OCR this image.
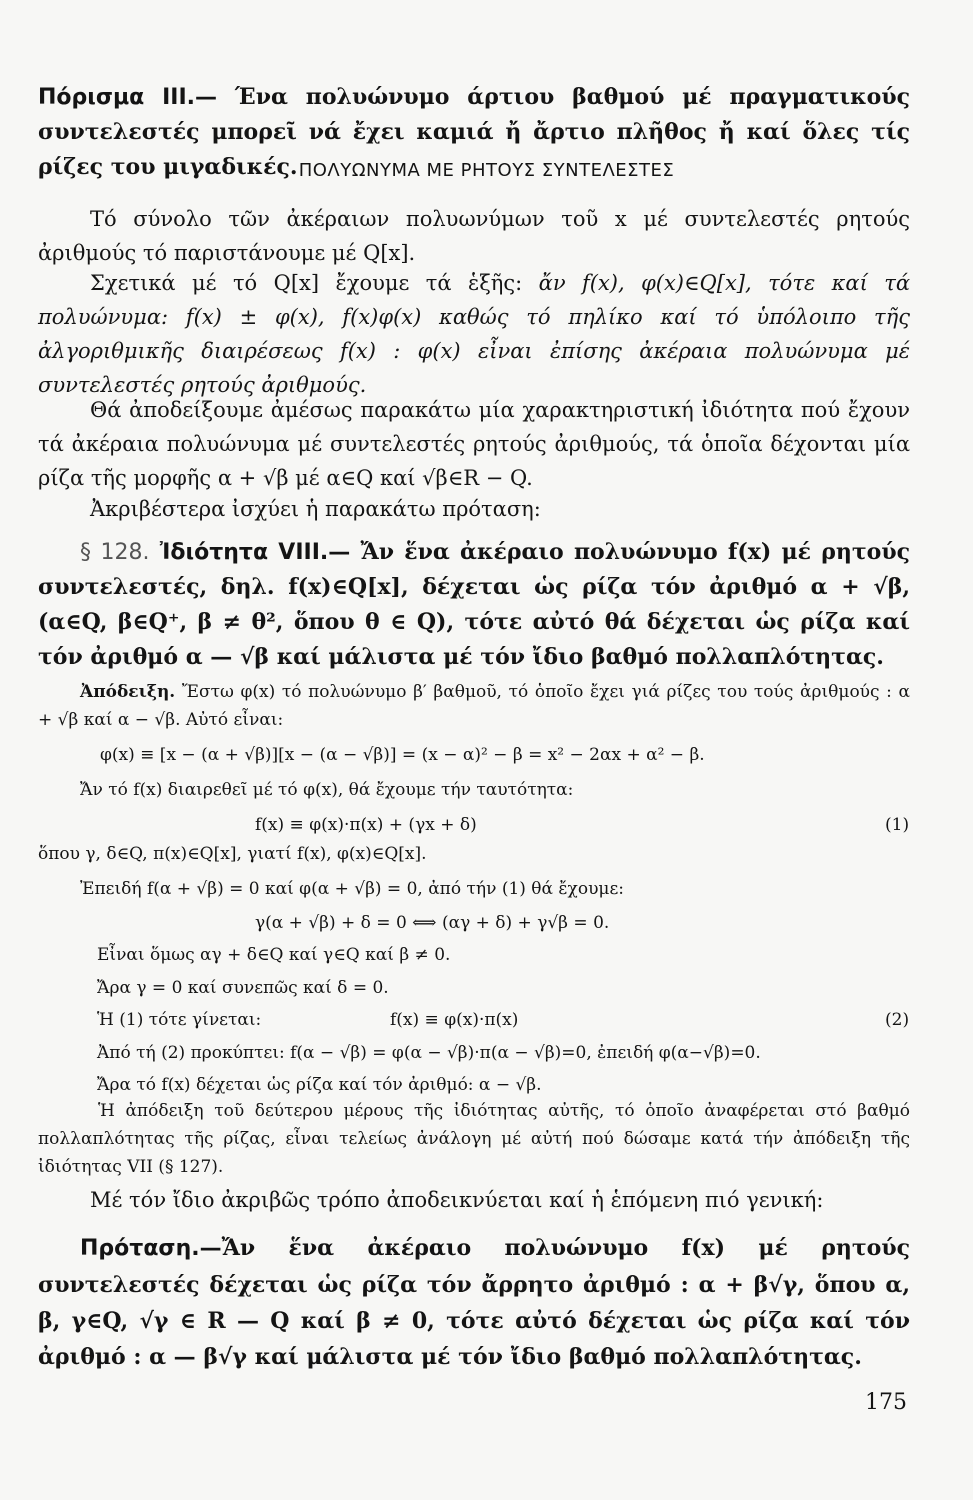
Πόρισμα III.— Ένα πολυώνυμο άρτιου βαθμού μέ πραγματικούς συντελεστές μπορεῖ νά ἔχει καμιά ἤ ἄρτιο πλῆθος ἤ καί ὅλες τίς ρίζες του μιγαδικές. ΠΟΛΥΩΝΥΜΑ ΜΕ ΡΗΤΟΥΣ ΣΥΝΤΕΛΕΣΤΕΣ

Τό σύνολο τῶν ἀκέραιων πολυωνύμων τοῦ x μέ συντελεστές ρητούς ἀριθμούς τό παριστάνουμε μέ Q[x].

Σχετικά μέ τό Q[x] ἔχουμε τά ἑξῆς: ἄν f(x), φ(x)∈Q[x], τότε καί τά πολυώνυμα: f(x) ± φ(x), f(x)φ(x) καθώς τό πηλίκο καί τό ὑπόλοιπο τῆς ἀλγοριθμικῆς διαιρέσεως f(x) : φ(x) εἶναι ἐπίσης ἀκέραια πολυώνυμα μέ συντελεστές ρητούς ἀριθμούς.

Θά ἀποδείξουμε ἀμέσως παρακάτω μία χαρακτηριστική ἰδιότητα πού ἔχουν τά ἀκέραια πολυώνυμα μέ συντελεστές ρητούς ἀριθμούς, τά ὁποῖα δέχονται μία ρίζα τῆς μορφῆς α + √β μέ α∈Q καί √β∈R − Q.

Ἀκριβέστερα ἰσχύει ἡ παρακάτω πρόταση:

§ 128. Ἰδιότητα VIII.— Ἄν ἕνα ἀκέραιο πολυώνυμο f(x) μέ ρητούς συντελεστές, δηλ. f(x)∈Q[x], δέχεται ὡς ρίζα τόν ἀριθμό α + √β, (α∈Q, β∈Q⁺, β ≠ θ², ὅπου θ ∈ Q), τότε αὐτό θά δέχεται ὡς ρίζα καί τόν ἀριθμό α — √β καί μάλιστα μέ τόν ἴδιο βαθμό πολλαπλότητας.

Ἀπόδειξη. Ἔστω φ(x) τό πολυώνυμο β′ βαθμοῦ, τό ὁποῖο ἔχει γιά ρίζες του τούς ἀριθμούς : α + √β καί α − √β. Αὐτό εἶναι:

φ(x) ≡ [x − (α + √β)][x − (α − √β)] = (x − α)² − β = x² − 2αx + α² − β.
Ἄν τό f(x) διαιρεθεῖ μέ τό φ(x), θά ἔχουμε τήν ταυτότητα:
f(x) ≡ φ(x)·π(x) + (γx + δ)	(1)
ὅπου γ, δ∈Q, π(x)∈Q[x], γιατί f(x), φ(x)∈Q[x].
Ἐπειδή f(α + √β) = 0 καί φ(α + √β) = 0, ἀπό τήν (1) θά ἔχουμε:
γ(α + √β) + δ = 0 ⟺ (αγ + δ) + γ√β = 0.
Εἶναι ὅμως αγ + δ∈Q καί γ∈Q καί β ≠ 0.
Ἄρα γ = 0 καί συνεπῶς καί δ = 0.
Ἡ (1) τότε γίνεται:	f(x) ≡ φ(x)·π(x)	(2)
Ἀπό τή (2) προκύπτει: f(α − √β) = φ(α − √β)·π(α − √β)=0, ἐπειδή φ(α−√β)=0.
Ἄρα τό f(x) δέχεται ὡς ρίζα καί τόν ἀριθμό: α − √β.

Ἡ ἀπόδειξη τοῦ δεύτερου μέρους τῆς ἰδιότητας αὐτῆς, τό ὁποῖο ἀναφέρεται στό βαθμό πολλαπλότητας τῆς ρίζας, εἶναι τελείως ἀνάλογη μέ αὐτή πού δώσαμε κατά τήν ἀπόδειξη τῆς ἰδιότητας VII (§ 127).

Μέ τόν ἴδιο ἀκριβῶς τρόπο ἀποδεικνύεται καί ἡ ἑπόμενη πιό γενική:

Πρόταση.—Ἄν ἕνα ἀκέραιο πολυώνυμο f(x) μέ ρητούς συντελεστές δέχεται ὡς ρίζα τόν ἄρρητο ἀριθμό : α + β√γ, ὅπου α, β, γ∈Q, √γ ∈ R — Q καί β ≠ 0, τότε αὐτό δέχεται ὡς ρίζα καί τόν ἀριθμό : α — β√γ καί μάλιστα μέ τόν ἴδιο βαθμό πολλαπλότητας.

175
